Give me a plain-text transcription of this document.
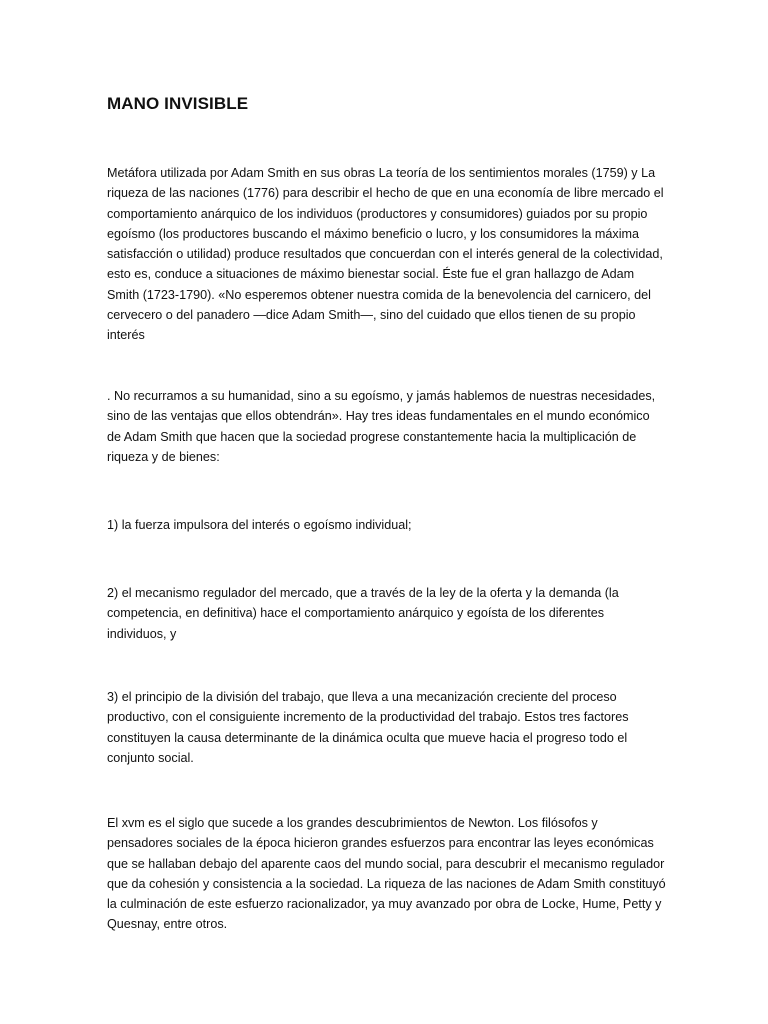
MANO INVISIBLE

Metáfora utilizada por Adam Smith en sus obras La teoría de los sentimientos morales (1759) y La riqueza de las naciones (1776) para describir el hecho de que en una economía de libre mercado el comportamiento anárquico de los individuos (productores y consumidores) guiados por su propio egoísmo (los productores buscando el máximo beneficio o lucro, y los consumidores la máxima satisfacción o utilidad) produce resultados que concuerdan con el interés general de la colectividad, esto es, conduce a situaciones de máximo bienestar social. Éste fue el gran hallazgo de Adam Smith (1723-1790). «No esperemos obtener nuestra comida de la benevolencia del carnicero, del cervecero o del panadero —dice Adam Smith—, sino del cuidado que ellos tienen de su propio interés

. No recurramos a su humanidad, sino a su egoísmo, y jamás hablemos de nuestras necesidades, sino de las ventajas que ellos obtendrán». Hay tres ideas fundamentales en el mundo económico de Adam Smith que hacen que la sociedad progrese constantemente hacia la multiplicación de riqueza y de bienes:

1) la fuerza impulsora del interés o egoísmo individual;

2) el mecanismo regulador del mercado, que a través de la ley de la oferta y la demanda (la competencia, en definitiva) hace el comportamiento anárquico y egoísta de los diferentes individuos, y

3) el principio de la división del trabajo, que lleva a una mecanización creciente del proceso productivo, con el consiguiente incremento de la productividad del trabajo. Estos tres factores constituyen la causa determinante de la dinámica oculta que mueve hacia el progreso todo el conjunto social.

El xvm es el siglo que sucede a los grandes descubrimientos de Newton. Los filósofos y pensadores sociales de la época hicieron grandes esfuerzos para encontrar las leyes económicas que se hallaban debajo del aparente caos del mundo social, para descubrir el mecanismo regulador que da cohesión y consistencia a la sociedad. La riqueza de las naciones de Adam Smith constituyó la culminación de este esfuerzo racionalizador, ya muy avanzado por obra de Locke, Hume, Petty y Quesnay, entre otros.
